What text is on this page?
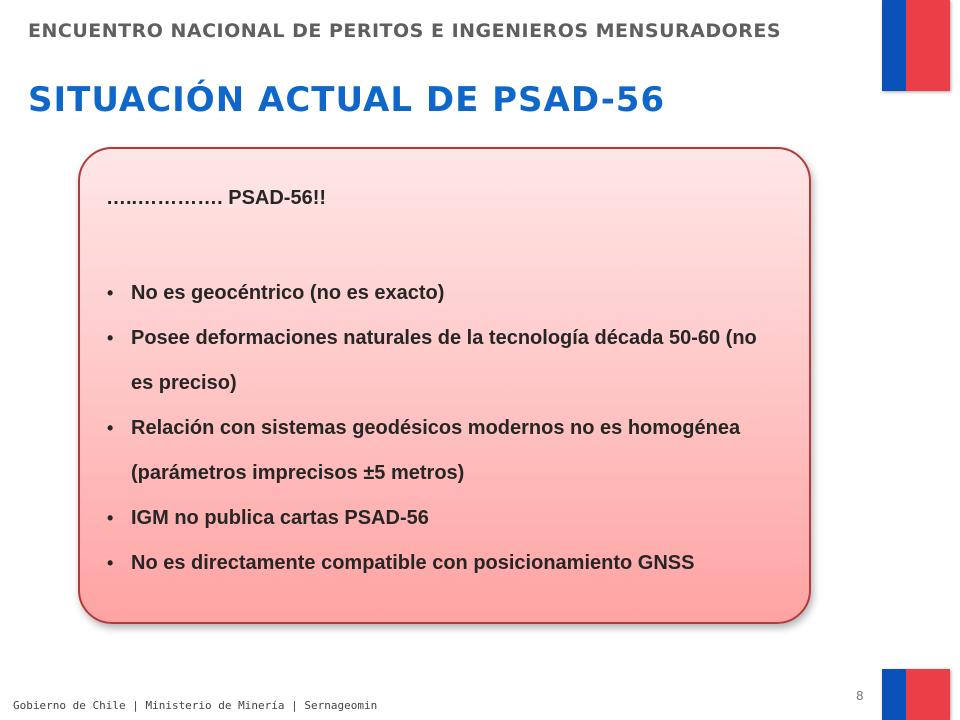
ENCUENTRO NACIONAL DE PERITOS E INGENIEROS MENSURADORES
SITUACIÓN ACTUAL DE PSAD-56
…..…………. PSAD-56!!
• No es geocéntrico (no es exacto)
• Posee deformaciones naturales de la tecnología década 50-60 (no es preciso)
• Relación con sistemas geodésicos modernos no es homogénea (parámetros imprecisos ±5 metros)
• IGM no publica cartas PSAD-56
• No es directamente compatible con posicionamiento GNSS
Gobierno de Chile | Ministerio de Minería | Sernageomin
8
